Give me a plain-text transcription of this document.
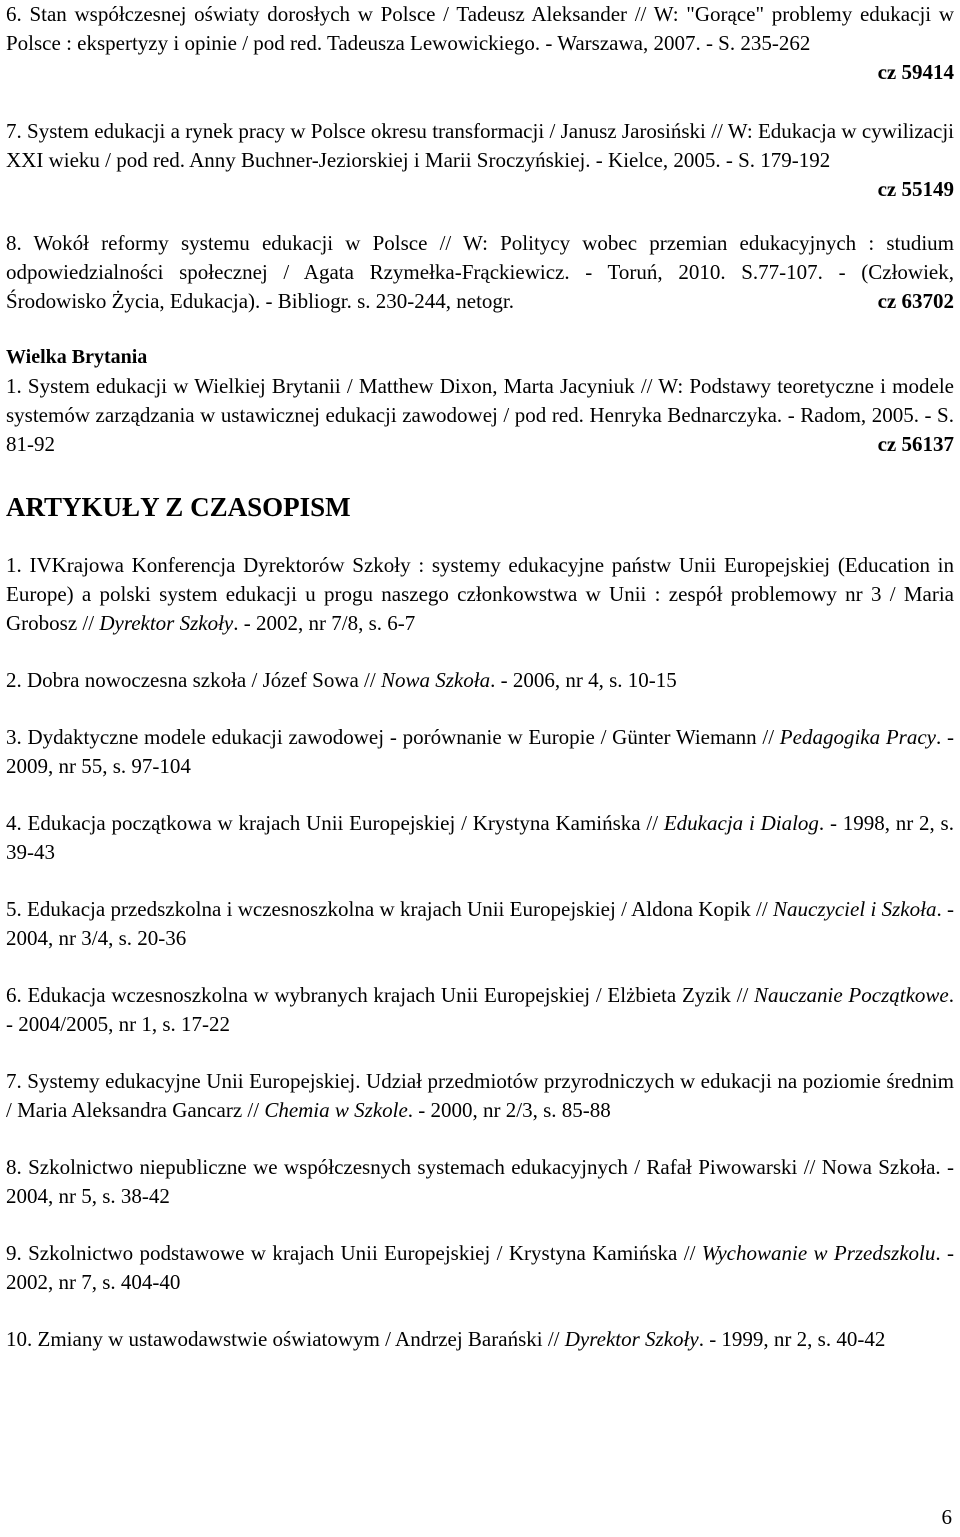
6. Stan współczesnej oświaty dorosłych w Polsce / Tadeusz Aleksander // W: "Gorące" problemy edukacji w Polsce : ekspertyzy i opinie / pod red. Tadeusza Lewowickiego. - Warszawa, 2007. - S. 235-262

cz 59414

7. System edukacji a rynek pracy w Polsce okresu transformacji / Janusz Jarosiński // W: Edukacja w cywilizacji XXI wieku / pod red. Anny Buchner-Jeziorskiej i Marii Sroczyńskiej. - Kielce, 2005. - S. 179-192

cz 55149

8. Wokół reformy systemu edukacji w Polsce // W: Politycy wobec przemian edukacyjnych : studium odpowiedzialności społecznej / Agata Rzymełka-Frąckiewicz. - Toruń, 2010. S.77-107. - (Człowiek, Środowisko Życia, Edukacja). - Bibliogr. s. 230-244, netogr.	cz 63702

Wielka Brytania

1. System edukacji w Wielkiej Brytanii / Matthew Dixon, Marta Jacyniuk // W: Podstawy teoretyczne i modele systemów zarządzania w ustawicznej edukacji zawodowej / pod red. Henryka Bednarczyka. - Radom, 2005. - S. 81-92	cz 56137
ARTYKUŁY Z CZASOPISM

1. IVKrajowa Konferencja Dyrektorów Szkoły : systemy edukacyjne państw Unii Europejskiej (Education in Europe) a polski system edukacji u progu naszego członkowstwa w Unii : zespół problemowy nr 3 / Maria Grobosz // Dyrektor Szkoły. - 2002, nr 7/8, s. 6-7

2. Dobra nowoczesna szkoła / Józef Sowa // Nowa Szkoła. - 2006, nr 4, s. 10-15

3. Dydaktyczne modele edukacji zawodowej - porównanie w Europie / Günter Wiemann // Pedagogika Pracy. - 2009, nr 55, s. 97-104

4. Edukacja początkowa w krajach Unii Europejskiej / Krystyna Kamińska // Edukacja i Dialog. - 1998, nr 2, s. 39-43

5. Edukacja przedszkolna i wczesnoszkolna w krajach Unii Europejskiej / Aldona Kopik // Nauczyciel i Szkoła. - 2004, nr 3/4, s. 20-36

6. Edukacja wczesnoszkolna w wybranych krajach Unii Europejskiej / Elżbieta Zyzik // Nauczanie Początkowe. - 2004/2005, nr 1, s. 17-22

7. Systemy edukacyjne Unii Europejskiej. Udział przedmiotów przyrodniczych w edukacji na poziomie średnim / Maria Aleksandra Gancarz // Chemia w Szkole. - 2000, nr 2/3, s. 85-88

8. Szkolnictwo niepubliczne we współczesnych systemach edukacyjnych / Rafał Piwowarski // Nowa Szkoła. - 2004, nr 5, s. 38-42

9. Szkolnictwo podstawowe w krajach Unii Europejskiej / Krystyna Kamińska // Wychowanie w Przedszkolu. - 2002, nr 7, s. 404-40

10. Zmiany w ustawodawstwie oświatowym / Andrzej Barański // Dyrektor Szkoły. - 1999, nr 2, s. 40-42

6
